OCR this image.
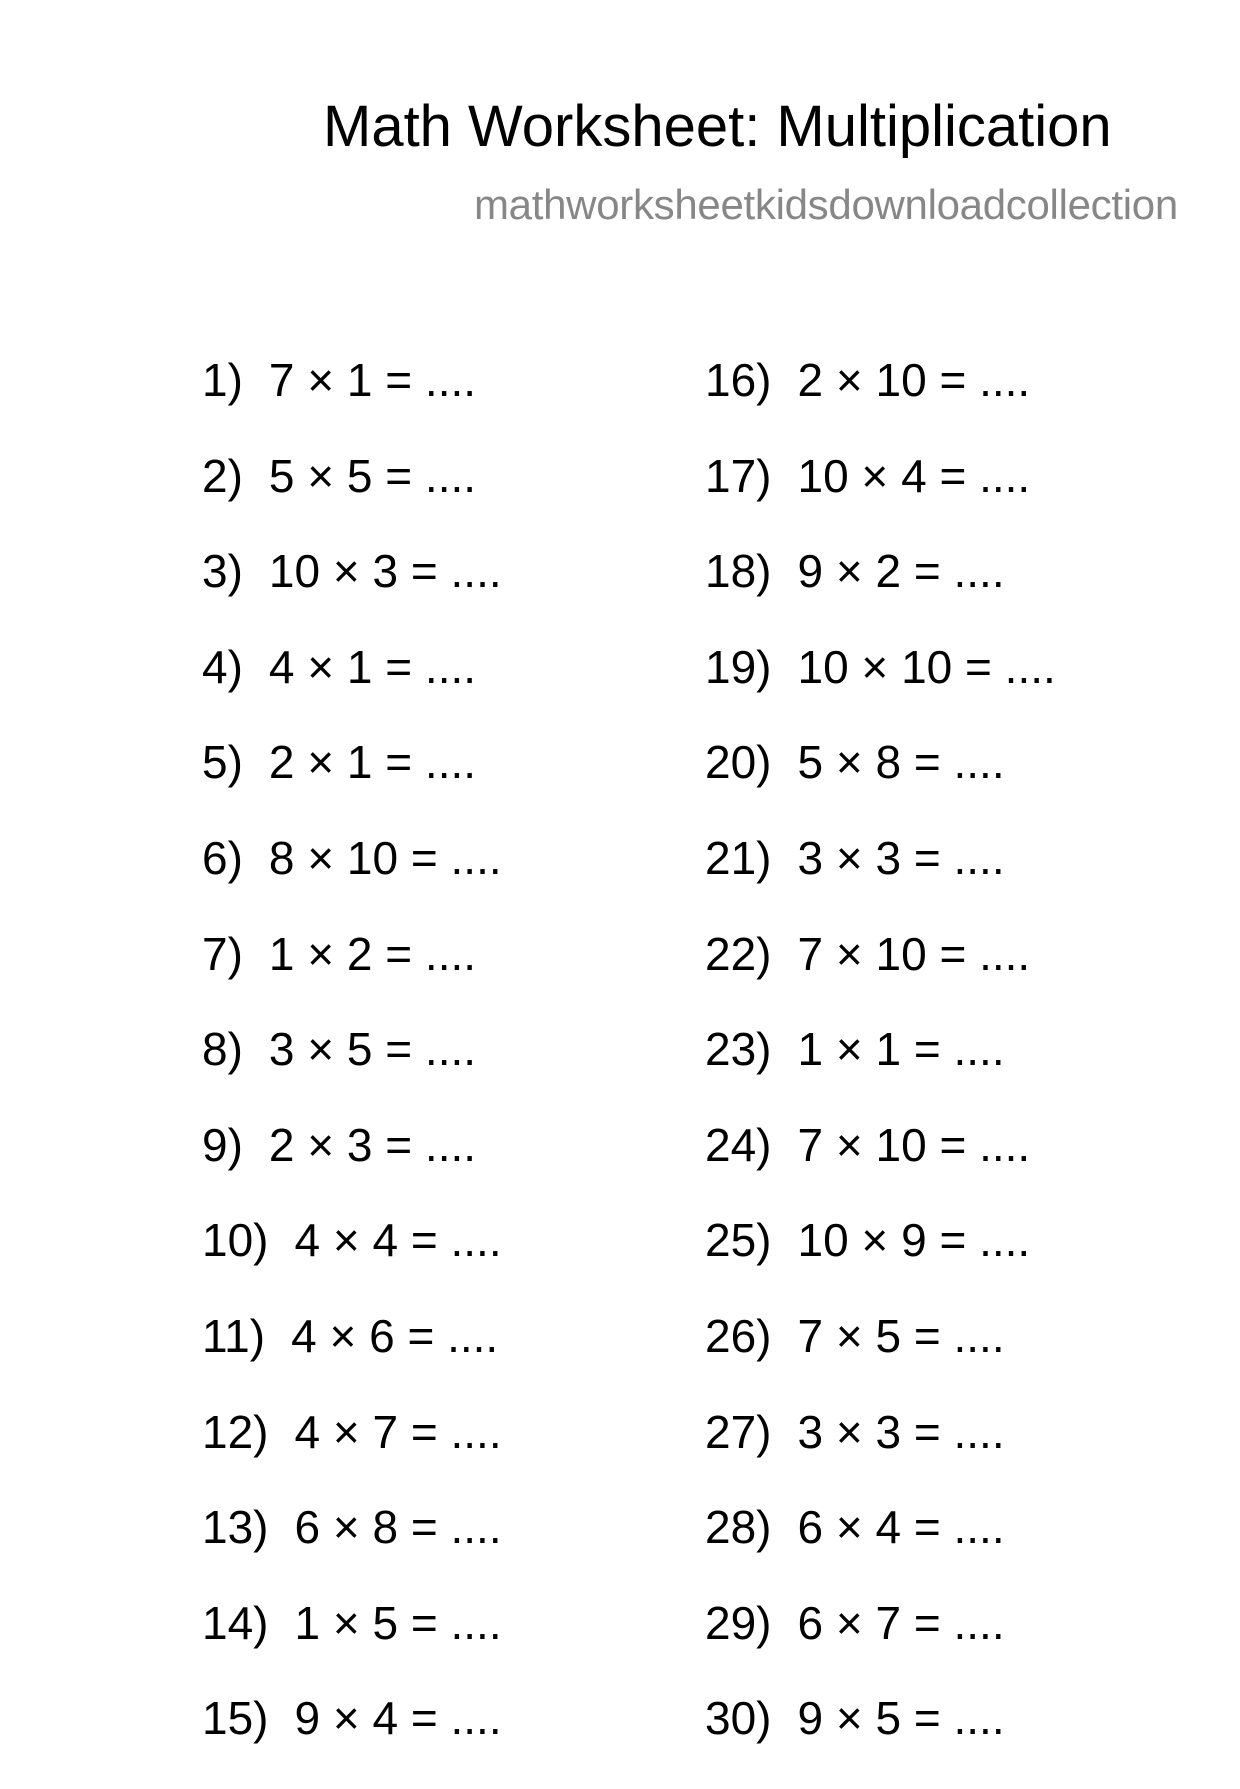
Math Worksheet: Multiplication
mathworksheetkidsdownloadcollection
1) 7 × 1 = ....
2) 5 × 5 = ....
3) 10 × 3 = ....
4) 4 × 1 = ....
5) 2 × 1 = ....
6) 8 × 10 = ....
7) 1 × 2 = ....
8) 3 × 5 = ....
9) 2 × 3 = ....
10) 4 × 4 = ....
11) 4 × 6 = ....
12) 4 × 7 = ....
13) 6 × 8 = ....
14) 1 × 5 = ....
15) 9 × 4 = ....
16) 2 × 10 = ....
17) 10 × 4 = ....
18) 9 × 2 = ....
19) 10 × 10 = ....
20) 5 × 8 = ....
21) 3 × 3 = ....
22) 7 × 10 = ....
23) 1 × 1 = ....
24) 7 × 10 = ....
25) 10 × 9 = ....
26) 7 × 5 = ....
27) 3 × 3 = ....
28) 6 × 4 = ....
29) 6 × 7 = ....
30) 9 × 5 = ....
